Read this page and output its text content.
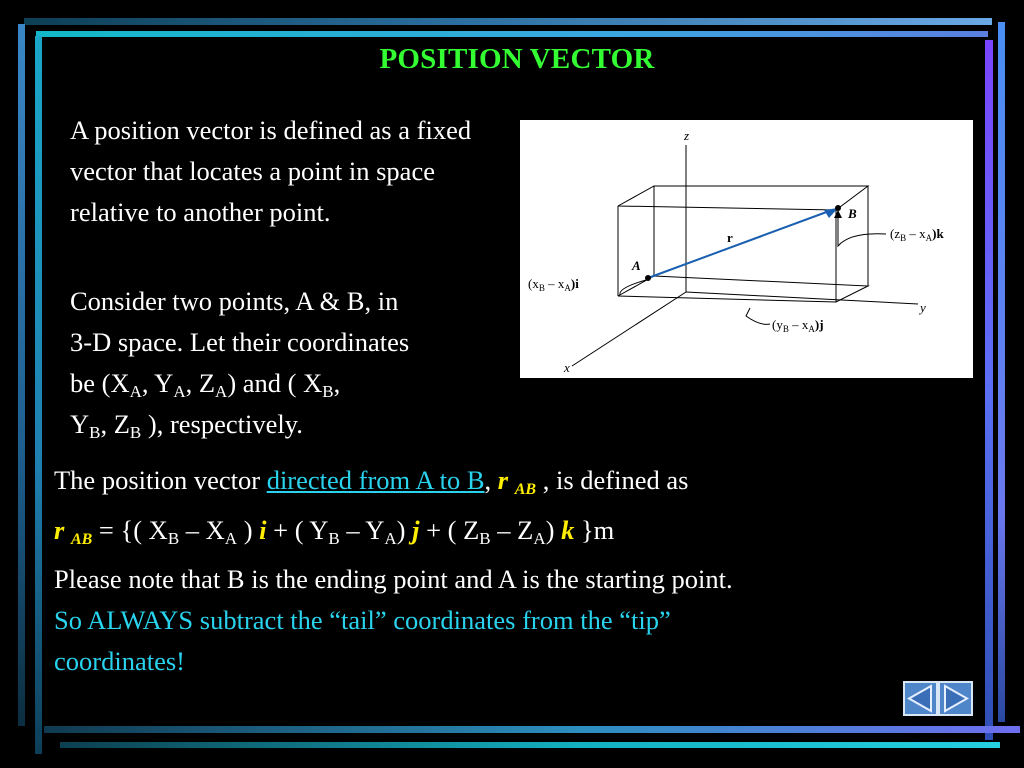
POSITION VECTOR
A position vector is defined as a fixed vector that locates a point in space relative to another point.
Consider two points, A & B, in
3-D space. Let their coordinates
be ($X_A$, $Y_A$, $Z_A$) and ( $X_B$,
$Y_B$, $Z_B$ ), respectively.
The position vector directed from A to B, r $_{AB}$ , is defined as
r $_{AB}$ = {( $X_B - X_A$ ) i + ( $Y_B - Y_A$) j + ( $Z_B - Z_A$) k }m
Please note that B is the ending point and A is the starting point.
So ALWAYS subtract the “tail” coordinates from the “tip”
coordinates!
z
y
x
r
A
B
$(x_B - x_A)i$
$(z_B - x_A)k$
$(y_B - x_A)j$
